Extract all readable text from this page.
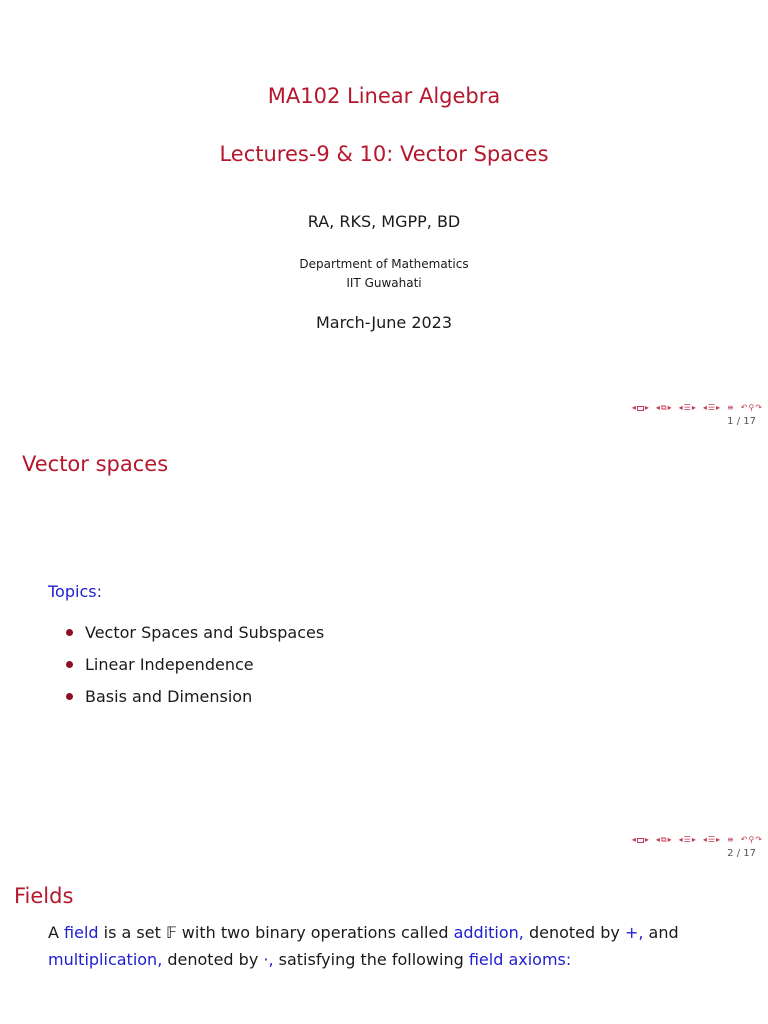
MA102 Linear Algebra
Lectures-9 & 10: Vector Spaces
RA, RKS, MGPP, BD
Department of Mathematics
IIT Guwahati
March-June 2023
◂ ▸ ◂ ⧉ ▸ ◂ ☰ ▸ ◂ ☰ ▸ ≡ ↶ ⚲ ↷
1 / 17
Vector spaces
Topics:
Vector Spaces and Subspaces
Linear Independence
Basis and Dimension
◂ ▸ ◂ ⧉ ▸ ◂ ☰ ▸ ◂ ☰ ▸ ≡ ↶ ⚲ ↷
2 / 17
Fields
A field is a set 𝔽 with two binary operations called addition, denoted by +, and
multiplication, denoted by ·, satisfying the following field axioms:
